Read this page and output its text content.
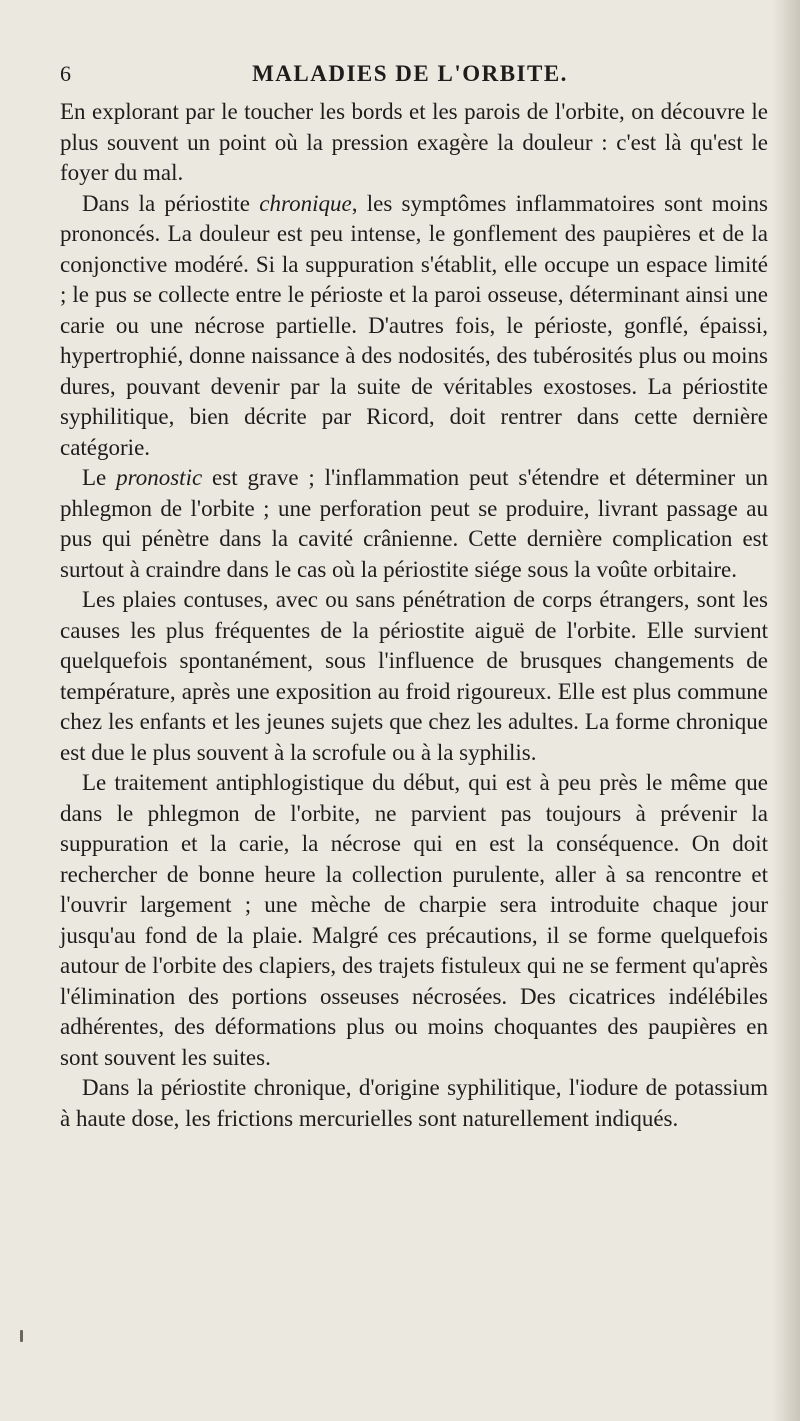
6	MALADIES DE L'ORBITE.

En explorant par le toucher les bords et les parois de l'orbite, on découvre le plus souvent un point où la pression exagère la douleur : c'est là qu'est le foyer du mal.

Dans la périostite chronique, les symptômes inflammatoires sont moins prononcés. La douleur est peu intense, le gonflement des paupières et de la conjonctive modéré. Si la suppuration s'établit, elle occupe un espace limité ; le pus se collecte entre le périoste et la paroi osseuse, déterminant ainsi une carie ou une nécrose partielle. D'autres fois, le périoste, gonflé, épaissi, hypertrophié, donne naissance à des nodosités, des tubérosités plus ou moins dures, pouvant devenir par la suite de véritables exostoses. La périostite syphilitique, bien décrite par Ricord, doit rentrer dans cette dernière catégorie.

Le pronostic est grave ; l'inflammation peut s'étendre et déterminer un phlegmon de l'orbite ; une perforation peut se produire, livrant passage au pus qui pénètre dans la cavité crânienne. Cette dernière complication est surtout à craindre dans le cas où la périostite siége sous la voûte orbitaire.

Les plaies contuses, avec ou sans pénétration de corps étrangers, sont les causes les plus fréquentes de la périostite aiguë de l'orbite. Elle survient quelquefois spontanément, sous l'influence de brusques changements de température, après une exposition au froid rigoureux. Elle est plus commune chez les enfants et les jeunes sujets que chez les adultes. La forme chronique est due le plus souvent à la scrofule ou à la syphilis.

Le traitement antiphlogistique du début, qui est à peu près le même que dans le phlegmon de l'orbite, ne parvient pas toujours à prévenir la suppuration et la carie, la nécrose qui en est la conséquence. On doit rechercher de bonne heure la collection purulente, aller à sa rencontre et l'ouvrir largement ; une mèche de charpie sera introduite chaque jour jusqu'au fond de la plaie. Malgré ces précautions, il se forme quelquefois autour de l'orbite des clapiers, des trajets fistuleux qui ne se ferment qu'après l'élimination des portions osseuses nécrosées. Des cicatrices indélébiles adhérentes, des déformations plus ou moins choquantes des paupières en sont souvent les suites.

Dans la périostite chronique, d'origine syphilitique, l'iodure de potassium à haute dose, les frictions mercurielles sont naturellement indiqués.
